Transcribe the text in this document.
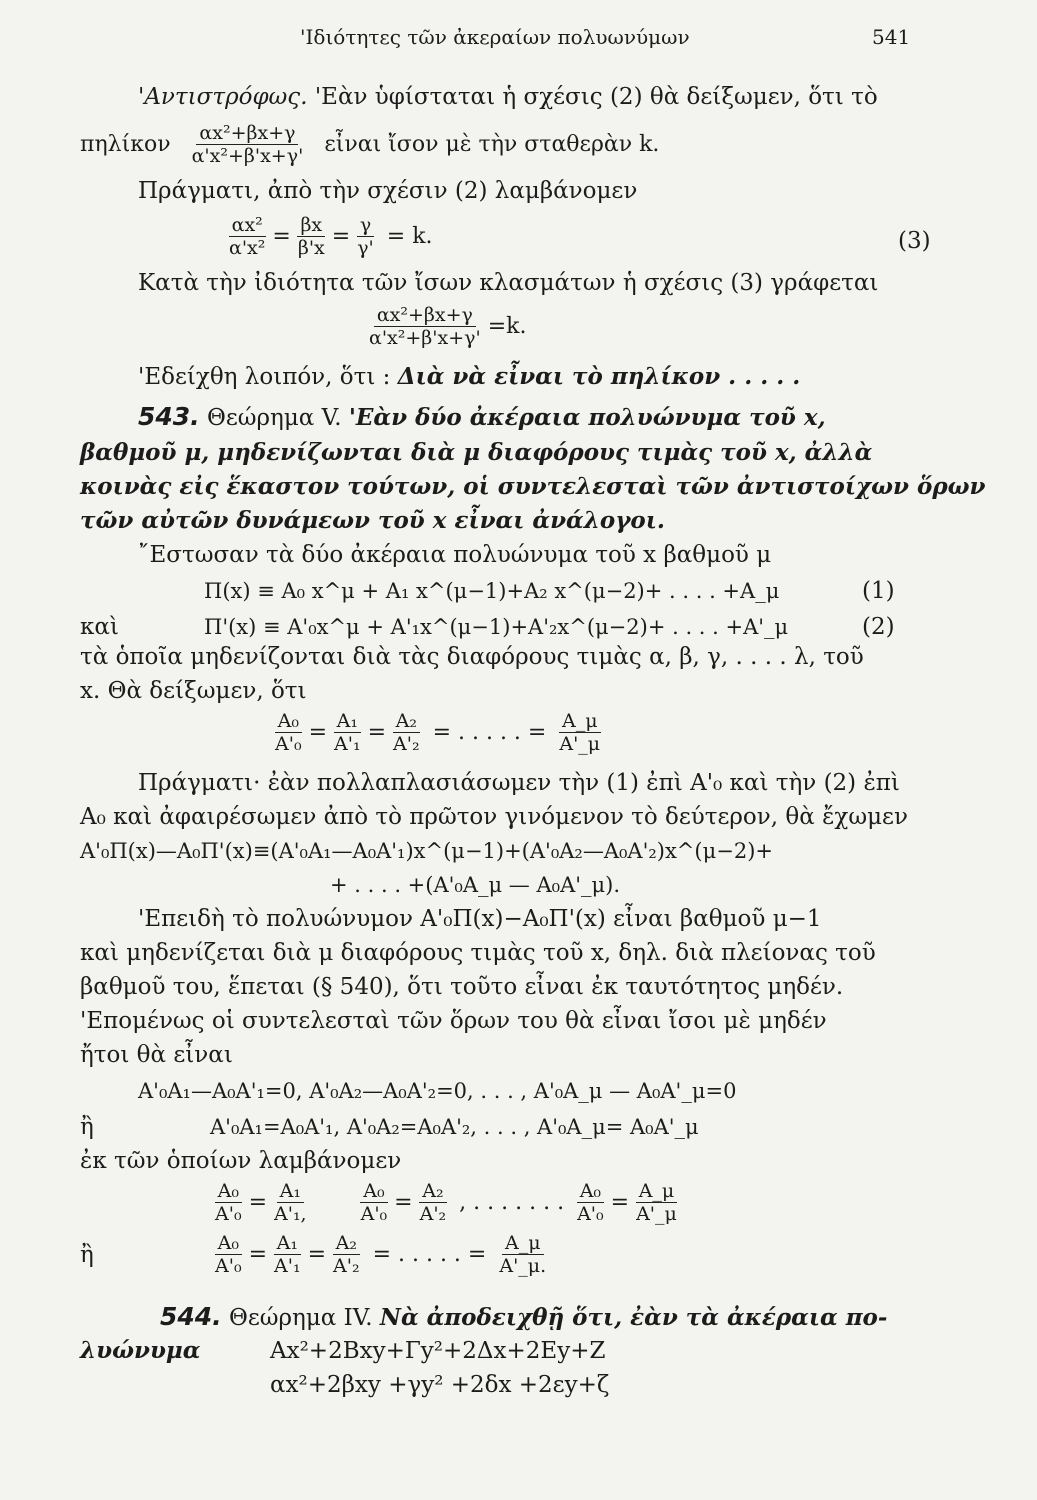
'Ιδιότητες τῶν ἀκεραίων πολυωνύμων	541
'Αντιστρόφως. 'Εὰν ὑφίσταται ἡ σχέσις (2) θὰ δείξωμεν, ὅτι τὸ
πηλίκον $\frac{\text{αx²+βx+γ}}{\text{α'x²+β'x+γ'}}$ εἶναι ἴσον μὲ τὴν σταθερὰν k.
Πράγματι, ἀπὸ τὴν σχέσιν (2) λαμβάνομεν
$\frac{\text{αx²}}{\text{α'x²}} = \frac{\beta x}{\beta'x} = \frac{\gamma}{\gamma'} = k$.	(3)
Κατὰ τὴν ἰδιότητα τῶν ἴσων κλασμάτων ἡ σχέσις (3) γράφεται
$\frac{\text{αx²+βx+γ}}{\text{α'x²+β'x+γ'}} =k$.
'Εδείχθη λοιπόν, ὅτι : Διὰ νὰ εἶναι τὸ πηλίκον . . . . .
543. Θεώρημα V. 'Εὰν δύο ἀκέραια πολυώνυμα τοῦ x,
βαθμοῦ μ, μηδενίζωνται διὰ μ διαφόρους τιμὰς τοῦ x, ἀλλὰ
κοινὰς εἰς ἕκαστον τούτων, οἱ συντελεσταὶ τῶν ἀντιστοίχων ὅρων
τῶν αὐτῶν δυνάμεων τοῦ x εἶναι ἀνάλογοι.
῎Εστωσαν τὰ δύο ἀκέραια πολυώνυμα τοῦ x βαθμοῦ μ
Π(x) ≡ A₀ x^μ + A₁ x^(μ−1)+A₂ x^(μ−2)+ . . . . +A_μ	(1)
καὶ	Π'(x) ≡ A'₀x^μ + A'₁x^(μ−1)+A'₂x^(μ−2)+ . . . . +A'_μ	(2)
τὰ ὁποῖα μηδενίζονται διὰ τὰς διαφόρους τιμὰς α, β, γ, . . . . λ, τοῦ
x. Θὰ δείξωμεν, ὅτι
$\frac{\text{A₀}}{\text{A'₀}} = \frac{\text{A₁}}{\text{A'₁}} = \frac{\text{A₂}}{\text{A'₂}}$ = . . . . . = $\frac{A\_\mu}{A'\_\mu}$
Πράγματι· ἐὰν πολλαπλασιάσωμεν τὴν (1) ἐπὶ A'₀ καὶ τὴν (2) ἐπὶ
A₀ καὶ ἀφαιρέσωμεν ἀπὸ τὸ πρῶτον γινόμενον τὸ δεύτερον, θὰ ἔχωμεν
A'₀Π(x)—A₀Π'(x)≡(A'₀A₁—A₀A'₁)x^(μ−1)+(A'₀A₂—A₀A'₂)x^(μ−2)+
+ . . . . +(A'₀A_μ — A₀A'_μ).
'Επειδὴ τὸ πολυώνυμον A'₀Π(x)−A₀Π'(x) εἶναι βαθμοῦ μ−1
καὶ μηδενίζεται διὰ μ διαφόρους τιμὰς τοῦ x, δηλ. διὰ πλείονας τοῦ
βαθμοῦ του, ἕπεται (§ 540), ὅτι τοῦτο εἶναι ἐκ ταυτότητος μηδέν.
'Επομένως οἱ συντελεσταὶ τῶν ὅρων του θὰ εἶναι ἴσοι μὲ μηδέν
ἤτοι θὰ εἶναι
A'₀A₁—A₀A'₁=0, A'₀A₂—A₀A'₂=0, . . . , A'₀A_μ — A₀A'_μ=0
ἢ	A'₀A₁=A₀A'₁, A'₀A₂=A₀A'₂, . . . , A'₀A_μ= A₀A'_μ
ἐκ τῶν ὁποίων λαμβάνομεν
$\frac{\text{A₀}}{\text{A'₀}} = \frac{\text{A₁}}{\text{A'₁,}}$	$\frac{\text{A₀}}{\text{A'₀}} = \frac{\text{A₂}}{\text{A'₂}}$ , . . . . . . . $\frac{\text{A₀}}{\text{A'₀}} = \frac{A\_\mu}{A'\_\mu}$
ἢ	$\frac{\text{A₀}}{\text{A'₀}} = \frac{\text{A₁}}{\text{A'₁}} = \frac{\text{A₂}}{\text{A'₂}}$ = . . . . . = $\frac{A\_\mu}{A'\_\mu.}$
544. Θεώρημα IV. Νὰ ἀποδειχθῇ ὅτι, ἐὰν τὰ ἀκέραια πο-
λυώνυμα	Ax²+2Bxy+Γy²+2Δx+2Ey+Z
αx²+2βxy +γy² +2δx +2εy+ζ
